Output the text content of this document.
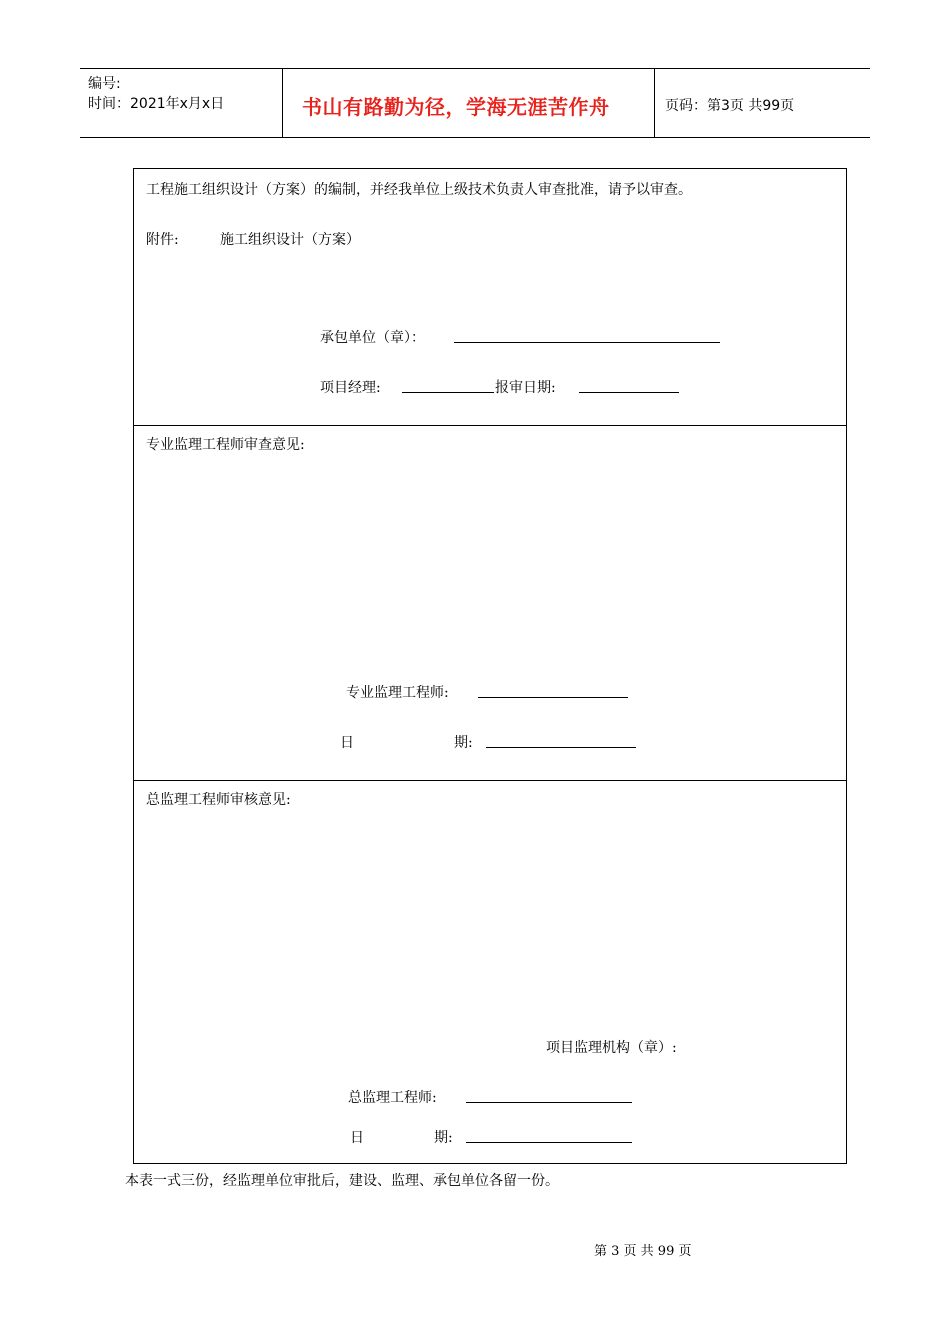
编号:
时间：2021年x月x日	书山有路勤为径，学海无涯苦作舟	页码：第3页 共99页
工程施工组织设计（方案）的编制，并经我单位上级技术负责人审查批准，请予以审查。
附件:	施工组织设计（方案）
承包单位（章）：
项目经理:	报审日期:
专业监理工程师审查意见:
专业监理工程师:
日	期:
总监理工程师审核意见:
项目监理机构（章）:
总监理工程师:
日	期:
本表一式三份，经监理单位审批后，建设、监理、承包单位各留一份。
第 3 页 共 99 页
